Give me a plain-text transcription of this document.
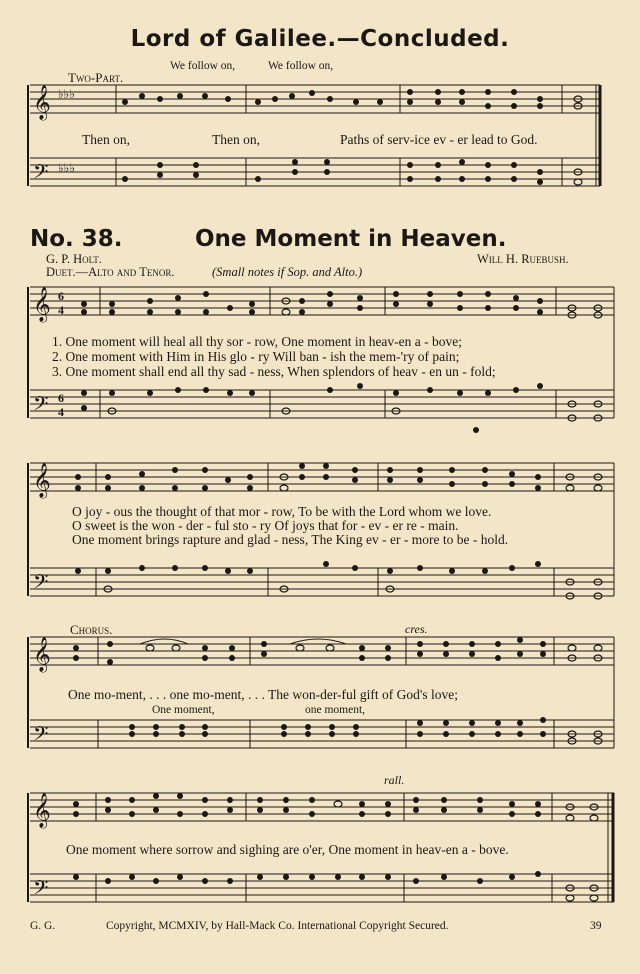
Lord of Galilee.—Concluded.
We follow on,	We follow on,
Two-Part.
𝄞
𝄢
♭♭♭
♭♭♭
Then on,	Then on,	Paths of serv-ice ev - er lead to God.
No. 38.	One Moment in Heaven.
G. P. Holt.	Will H. Ruebush.
Duet.—Alto and Tenor.	(Small notes if Sop. and Alto.)
𝄞
𝄢
6
4
6
4
1. One moment will heal all thy sor - row, One moment in heav-en a - bove;
2. One moment with Him in His glo - ry Will ban - ish the mem-'ry of pain;
3. One moment shall end all thy sad - ness, When splendors of heav - en un - fold;
𝄞
𝄢
O joy - ous the thought of that mor - row, To be with the Lord whom we love.
O sweet is the won - der - ful sto - ry Of joys that for - ev - er re - main.
One moment brings rapture and glad - ness, The King ev - er - more to be - hold.
Chorus.	cres.
𝄞
𝄢
One mo-ment, . . . one mo-ment, . . . The won-der-ful gift of God's love;
One moment,	one moment,
rall.
𝄞
𝄢
One moment where sorrow and sighing are o'er, One moment in heav-en a - bove.
G. G.	Copyright, MCMXIV, by Hall-Mack Co. International Copyright Secured.	39
